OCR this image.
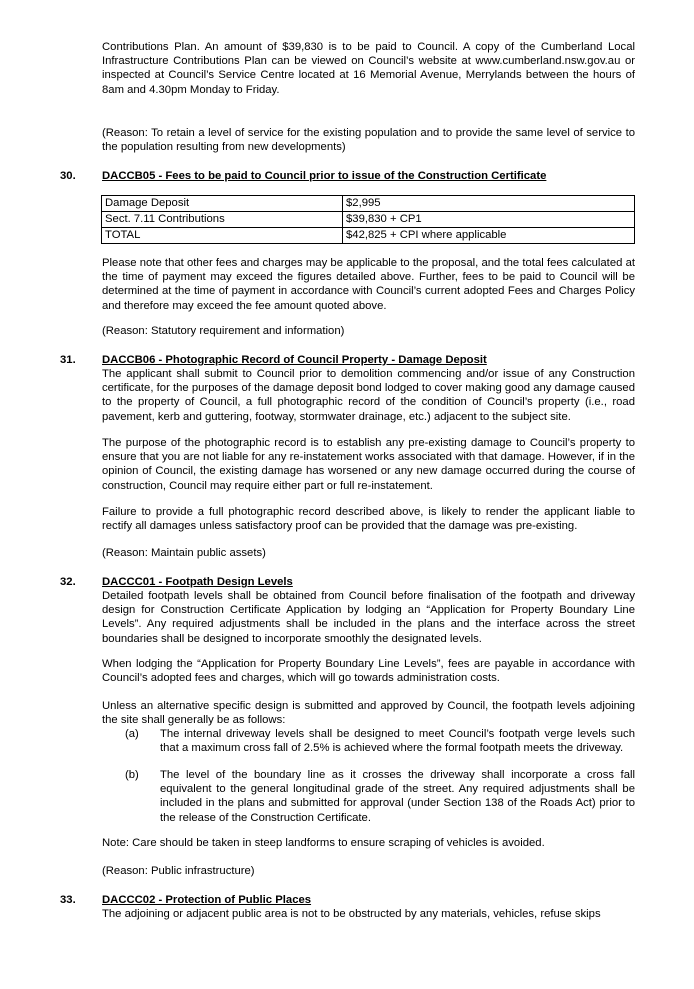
Contributions Plan. An amount of $39,830 is to be paid to Council. A copy of the Cumberland Local Infrastructure Contributions Plan can be viewed on Council’s website at www.cumberland.nsw.gov.au or inspected at Council’s Service Centre located at 16 Memorial Avenue, Merrylands between the hours of 8am and 4.30pm Monday to Friday.
(Reason: To retain a level of service for the existing population and to provide the same level of service to the population resulting from new developments)
30. DACCB05 - Fees to be paid to Council prior to issue of the Construction Certificate
Damage Deposit	$2,995
Sect. 7.11 Contributions	$39,830 + CP1
TOTAL	$42,825 + CPI where applicable
Please note that other fees and charges may be applicable to the proposal, and the total fees calculated at the time of payment may exceed the figures detailed above. Further, fees to be paid to Council will be determined at the time of payment in accordance with Council’s current adopted Fees and Charges Policy and therefore may exceed the fee amount quoted above.
(Reason: Statutory requirement and information)
31. DACCB06 - Photographic Record of Council Property - Damage Deposit
The applicant shall submit to Council prior to demolition commencing and/or issue of any Construction certificate, for the purposes of the damage deposit bond lodged to cover making good any damage caused to the property of Council, a full photographic record of the condition of Council’s property (i.e., road pavement, kerb and guttering, footway, stormwater drainage, etc.) adjacent to the subject site.
The purpose of the photographic record is to establish any pre-existing damage to Council’s property to ensure that you are not liable for any re-instatement works associated with that damage. However, if in the opinion of Council, the existing damage has worsened or any new damage occurred during the course of construction, Council may require either part or full re-instatement.
Failure to provide a full photographic record described above, is likely to render the applicant liable to rectify all damages unless satisfactory proof can be provided that the damage was pre-existing.
(Reason: Maintain public assets)
32. DACCC01 - Footpath Design Levels
Detailed footpath levels shall be obtained from Council before finalisation of the footpath and driveway design for Construction Certificate Application by lodging an “Application for Property Boundary Line Levels”. Any required adjustments shall be included in the plans and the interface across the street boundaries shall be designed to incorporate smoothly the designated levels.
When lodging the “Application for Property Boundary Line Levels”, fees are payable in accordance with Council’s adopted fees and charges, which will go towards administration costs.
Unless an alternative specific design is submitted and approved by Council, the footpath levels adjoining the site shall generally be as follows:
(a) The internal driveway levels shall be designed to meet Council’s footpath verge levels such that a maximum cross fall of 2.5% is achieved where the formal footpath meets the driveway.
(b) The level of the boundary line as it crosses the driveway shall incorporate a cross fall equivalent to the general longitudinal grade of the street. Any required adjustments shall be included in the plans and submitted for approval (under Section 138 of the Roads Act) prior to the release of the Construction Certificate.
Note: Care should be taken in steep landforms to ensure scraping of vehicles is avoided.
(Reason: Public infrastructure)
33. DACCC02 - Protection of Public Places
The adjoining or adjacent public area is not to be obstructed by any materials, vehicles, refuse skips
